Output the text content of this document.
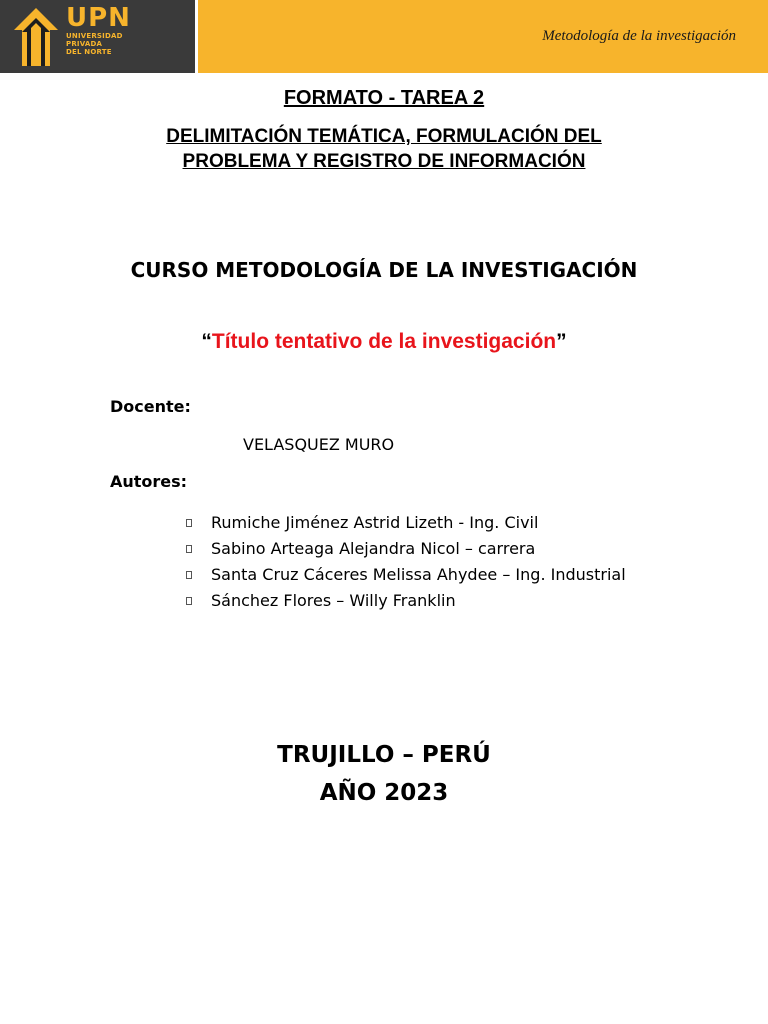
UPN
UNIVERSIDAD
PRIVADA
DEL NORTE
Metodología de la investigación
FORMATO - TAREA 2
DELIMITACIÓN TEMÁTICA, FORMULACIÓN DEL
PROBLEMA Y REGISTRO DE INFORMACIÓN
CURSO METODOLOGÍA DE LA INVESTIGACIÓN
“Título tentativo de la investigación”
Docente:
VELASQUEZ MURO
Autores:
Rumiche Jiménez Astrid Lizeth - Ing. Civil
Sabino Arteaga Alejandra Nicol – carrera
Santa Cruz Cáceres Melissa Ahydee – Ing. Industrial
Sánchez Flores – Willy Franklin
TRUJILLO – PERÚ
AÑO 2023
